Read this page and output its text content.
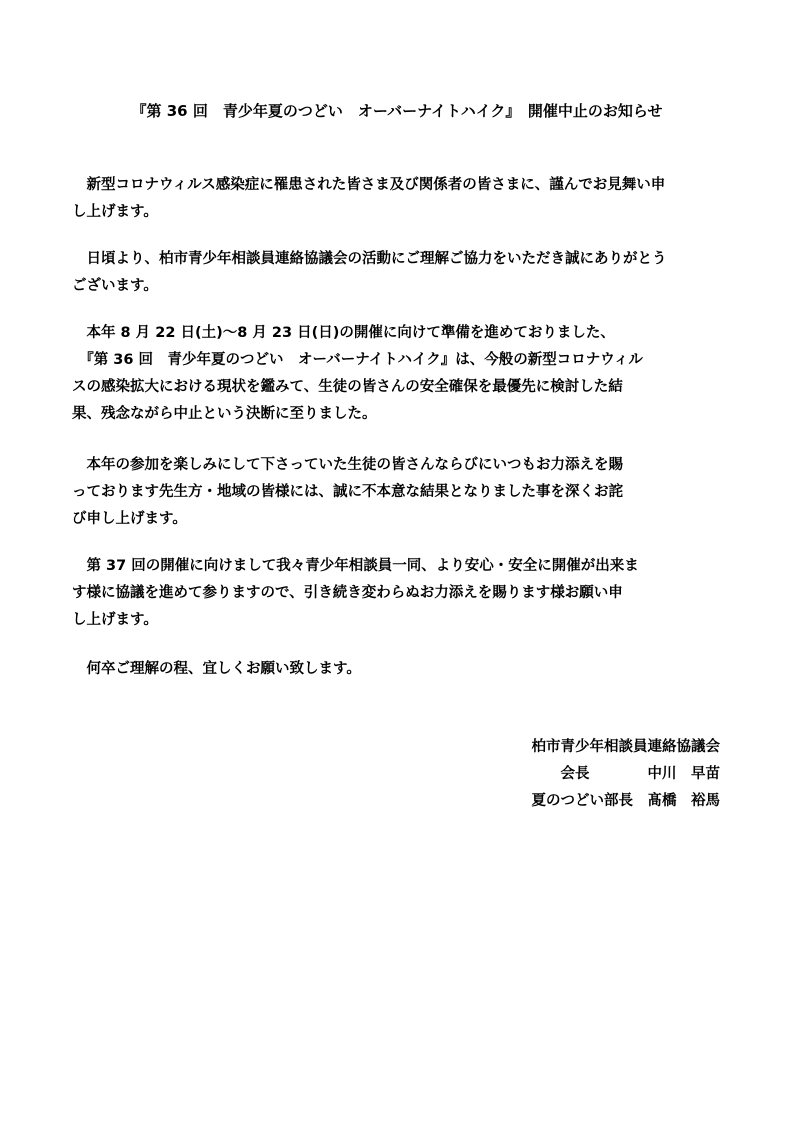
『第 36 回　青少年夏のつどい　オーバーナイトハイク』　開催中止のお知らせ
　新型コロナウィルス感染症に罹患された皆さま及び関係者の皆さまに、謹んでお見舞い申
し上げます。
　日頃より、柏市青少年相談員連絡協議会の活動にご理解ご協力をいただき誠にありがとう
ございます。
　本年 8 月 22 日(土)～8 月 23 日(日)の開催に向けて準備を進めておりました、
　『第 36 回　青少年夏のつどい　オーバーナイトハイク』は、今般の新型コロナウィル
スの感染拡大における現状を鑑みて、生徒の皆さんの安全確保を最優先に検討した結
果、残念ながら中止という決断に至りました。
　本年の参加を楽しみにして下さっていた生徒の皆さんならびにいつもお力添えを賜
っております先生方・地域の皆様には、誠に不本意な結果となりました事を深くお詫
び申し上げます。
　第 37 回の開催に向けまして我々青少年相談員一同、より安心・安全に開催が出来ま
す様に協議を進めて参りますので、引き続き変わらぬお力添えを賜ります様お願い申
し上げます。
　何卒ご理解の程、宜しくお願い致します。
柏市青少年相談員連絡協議会
会長　　　　中川　早苗
夏のつどい部長　髙橋　裕馬
